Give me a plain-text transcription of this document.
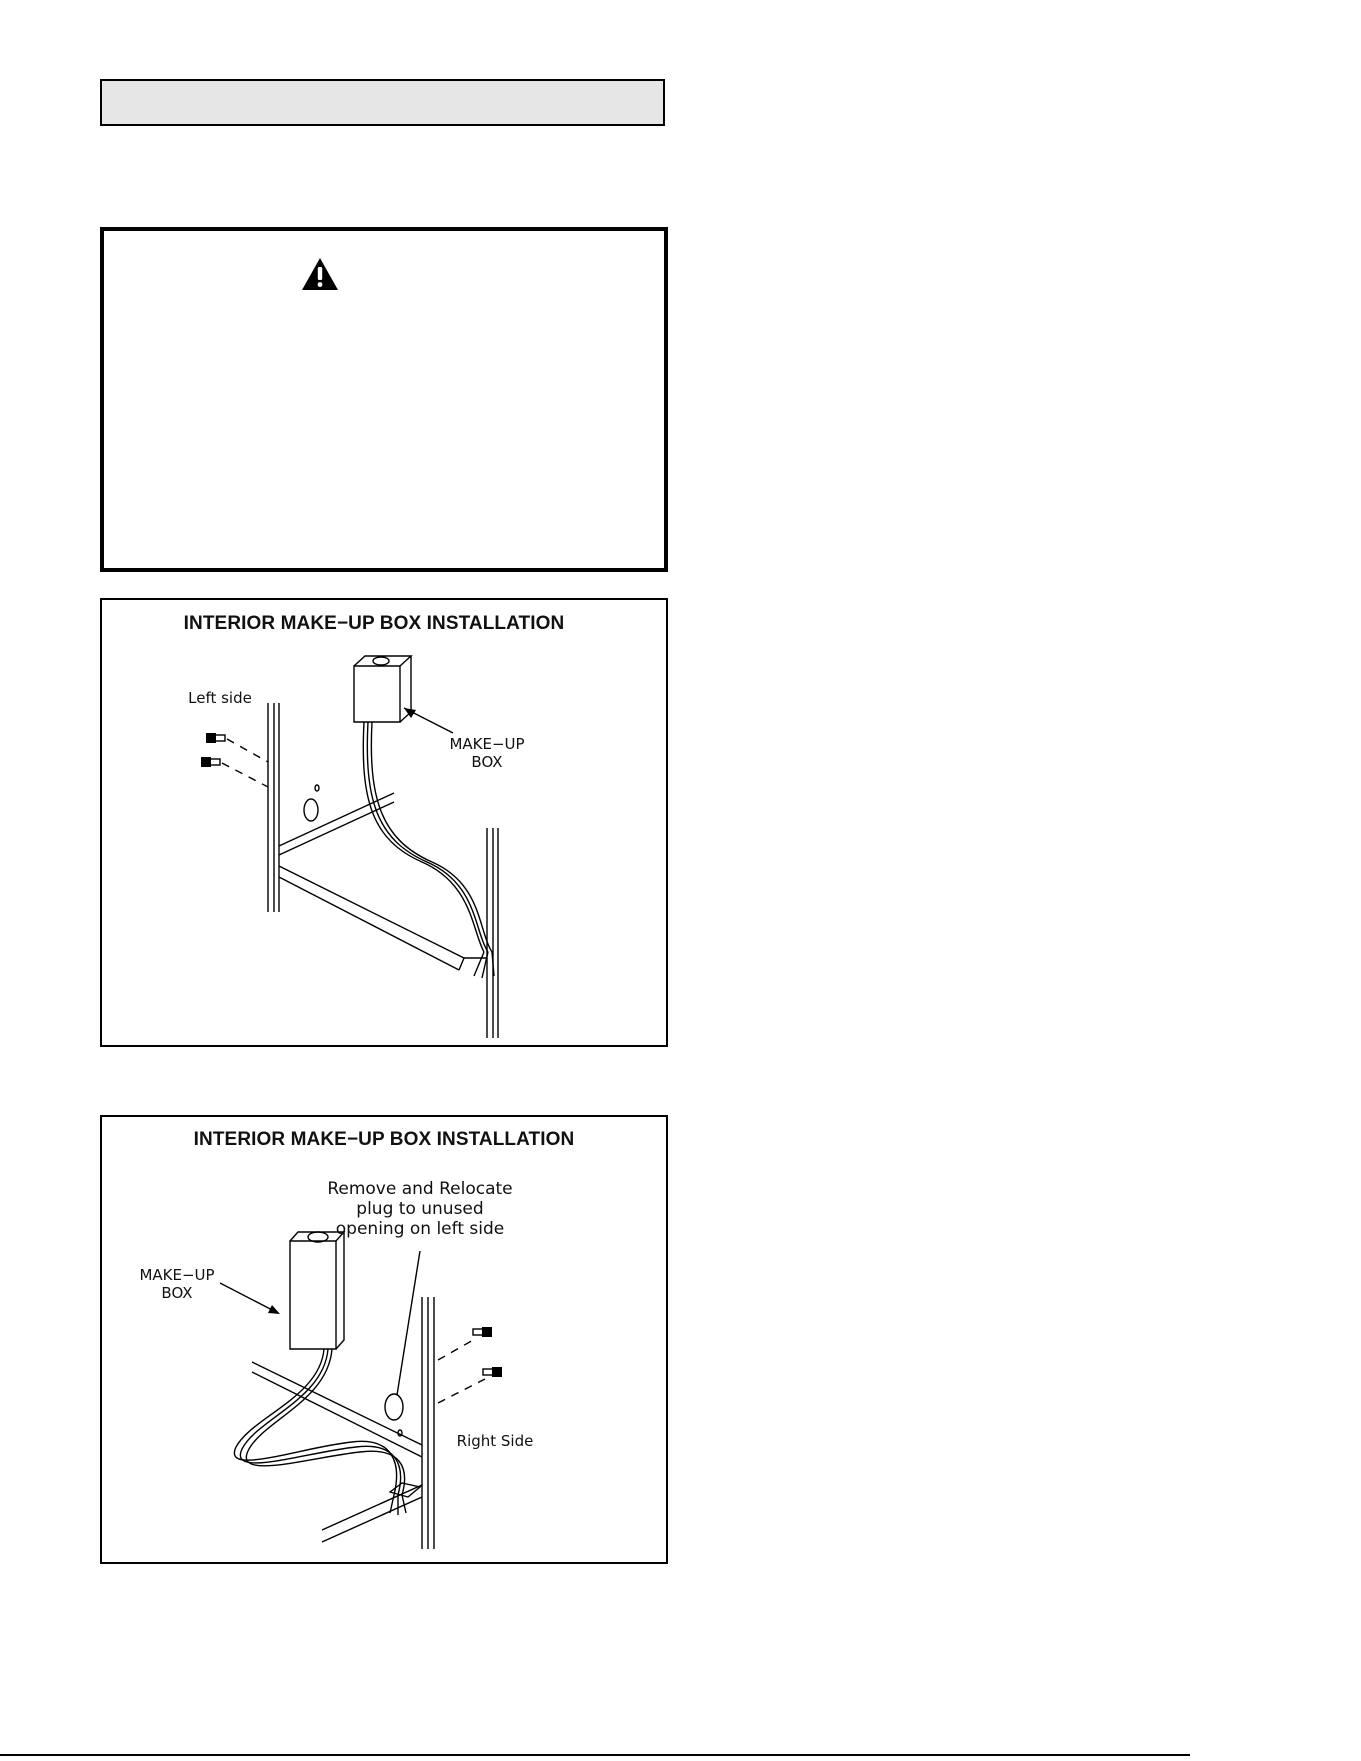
INTERIOR MAKE−UP BOX INSTALLATION
Left side
MAKE−UP
BOX
INTERIOR MAKE−UP BOX INSTALLATION
MAKE−UP
BOX
Remove and Relocate
plug to unused
opening on left side
Right Side
